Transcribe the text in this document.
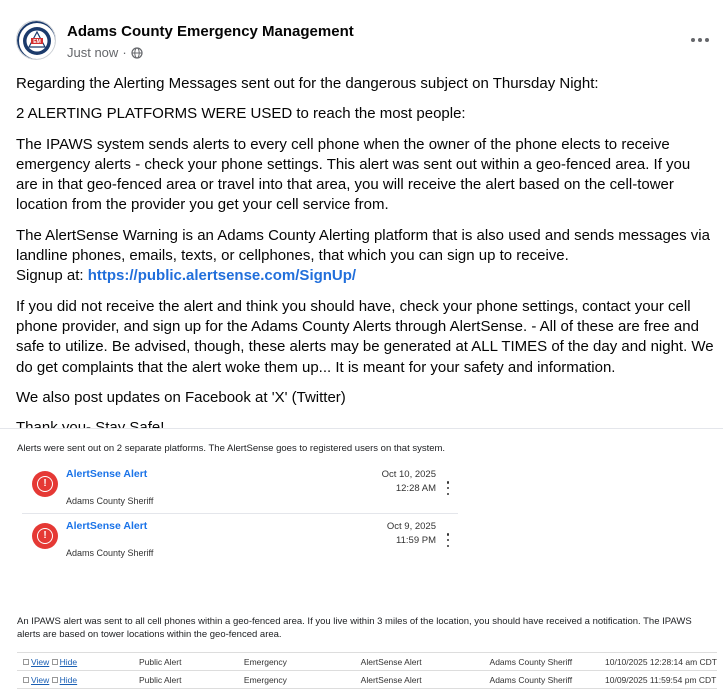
EM
Adams County Emergency Management
Just now ·

Regarding the Alerting Messages sent out for the dangerous subject on Thursday Night:

2 ALERTING PLATFORMS WERE USED to reach the most people:

The IPAWS system sends alerts to every cell phone when the owner of the phone elects to receive emergency alerts - check your phone settings. This alert was sent out within a geo-fenced area. If you are in that geo-fenced area or travel into that area, you will receive the alert based on the cell-tower location from the provider you get your cell service from.

The AlertSense Warning is an Adams County Alerting platform that is also used and sends messages via landline phones, emails, texts, or cellphones, that which you can sign up to receive.
Signup at: https://public.alertsense.com/SignUp/

If you did not receive the alert and think you should have, check your phone settings, contact your cell phone provider, and sign up for the Adams County Alerts through AlertSense. - All of these are free and safe to utilize. Be advised, though, these alerts may be generated at ALL TIMES of the day and night. We do get complaints that the alert woke them up... It is meant for your safety and information.

We also post updates on Facebook at 'X' (Twitter)

Alerts were sent out on 2 separate platforms. The AlertSense goes to registered users on that system.
!
AlertSense Alert
Adams County Sheriff
Oct 10, 2025
12:28 AM
!
AlertSense Alert
Adams County Sheriff
Oct 9, 2025
11:59 PM
An IPAWS alert was sent to all cell phones within a geo-fenced area. If you live within 3 miles of the location, you should have received a notification. The IPAWS alerts are based on tower locations within the geo-fenced area.
View Hide	Public Alert	Emergency	AlertSense Alert	Adams County Sheriff	10/10/2025 12:28:14 am CDT
View Hide	Public Alert	Emergency	AlertSense Alert	Adams County Sheriff	10/09/2025 11:59:54 pm CDT
